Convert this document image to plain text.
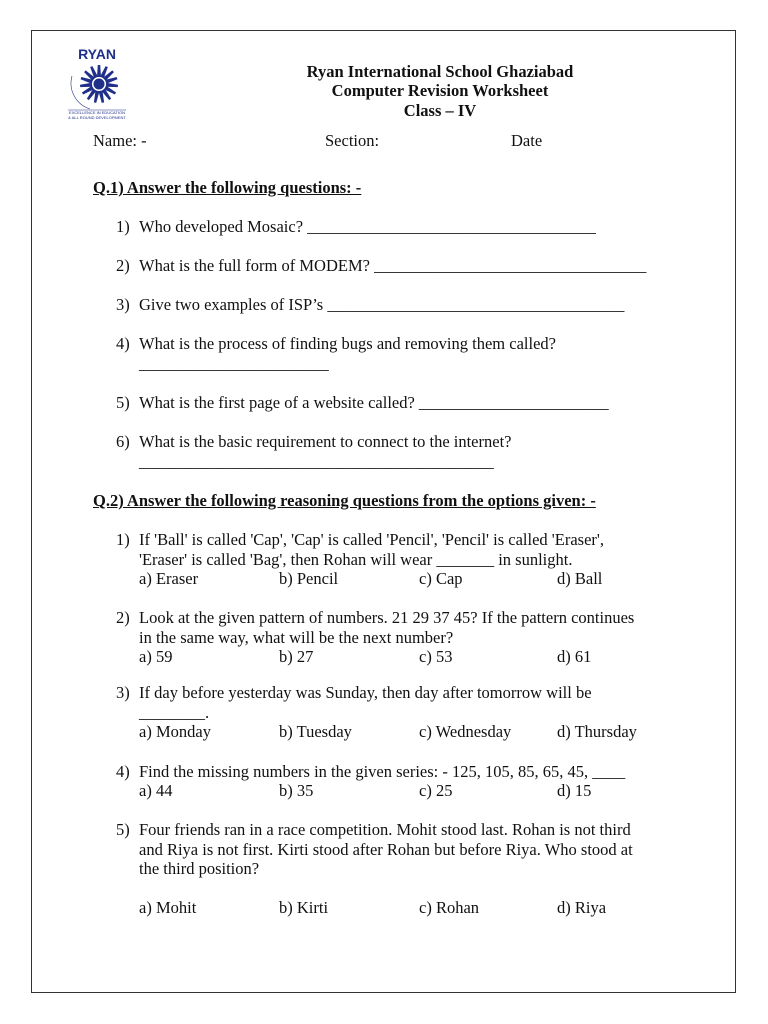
RYAN
EXCELLENCE IN EDUCATION
& ALL ROUND DEVELOPMENT
Ryan International School Ghaziabad
Computer Revision Worksheet
Class – IV
Name: -	Section:	Date
Q.1) Answer the following questions: -
1) Who developed Mosaic? ___________________________________
2) What is the full form of MODEM? _________________________________
3) Give two examples of ISP’s ____________________________________
4) What is the process of finding bugs and removing them called?
_______________________
5) What is the first page of a website called? _______________________
6) What is the basic requirement to connect to the internet?
___________________________________________
Q.2) Answer the following reasoning questions from the options given: -
1) If 'Ball' is called 'Cap', 'Cap' is called 'Pencil', 'Pencil' is called 'Eraser',
'Eraser' is called 'Bag', then Rohan will wear _______ in sunlight.
a) Eraser	b) Pencil	c) Cap	d) Ball
2) Look at the given pattern of numbers. 21 29 37 45? If the pattern continues
in the same way, what will be the next number?
a) 59	b) 27	c) 53	d) 61
3) If day before yesterday was Sunday, then day after tomorrow will be
________.
a) Monday	b) Tuesday	c) Wednesday	d) Thursday
4) Find the missing numbers in the given series: - 125, 105, 85, 65, 45, ____
a) 44	b) 35	c) 25	d) 15
5) Four friends ran in a race competition. Mohit stood last. Rohan is not third
and Riya is not first. Kirti stood after Rohan but before Riya. Who stood at
the third position?
a) Mohit	b) Kirti	c) Rohan	d) Riya
